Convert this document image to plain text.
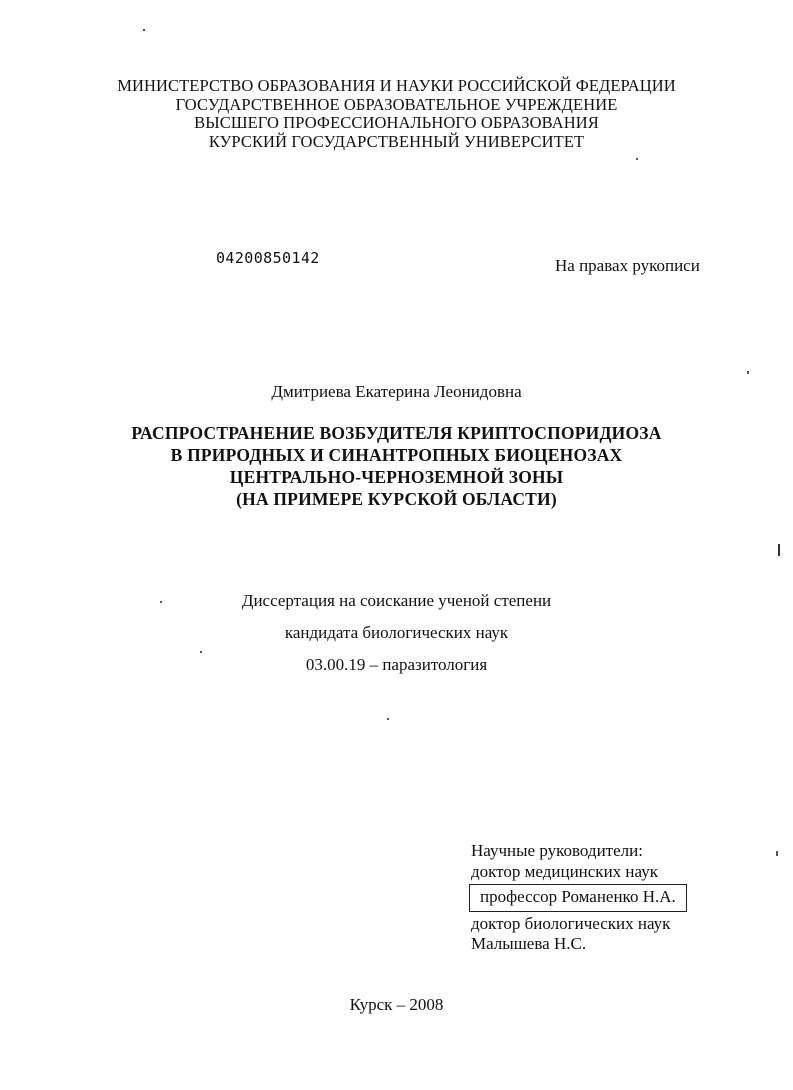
МИНИСТЕРСТВО ОБРАЗОВАНИЯ И НАУКИ РОССИЙСКОЙ ФЕДЕРАЦИИ
ГОСУДАРСТВЕННОЕ ОБРАЗОВАТЕЛЬНОЕ УЧРЕЖДЕНИЕ
ВЫСШЕГО ПРОФЕССИОНАЛЬНОГО ОБРАЗОВАНИЯ
КУРСКИЙ ГОСУДАРСТВЕННЫЙ УНИВЕРСИТЕТ
04200850142	На правах рукописи
Дмитриева Екатерина Леонидовна
РАСПРОСТРАНЕНИЕ ВОЗБУДИТЕЛЯ КРИПТОСПОРИДИОЗА
В ПРИРОДНЫХ И СИНАНТРОПНЫХ БИОЦЕНОЗАХ
ЦЕНТРАЛЬНО-ЧЕРНОЗЕМНОЙ ЗОНЫ
(НА ПРИМЕРЕ КУРСКОЙ ОБЛАСТИ)
Диссертация на соискание ученой степени
кандидата биологических наук
03.00.19 – паразитология
Научные руководители:
доктор медицинских наук
профессор Романенко Н.А.
доктор биологических наук
Малышева Н.С.
Курск – 2008
